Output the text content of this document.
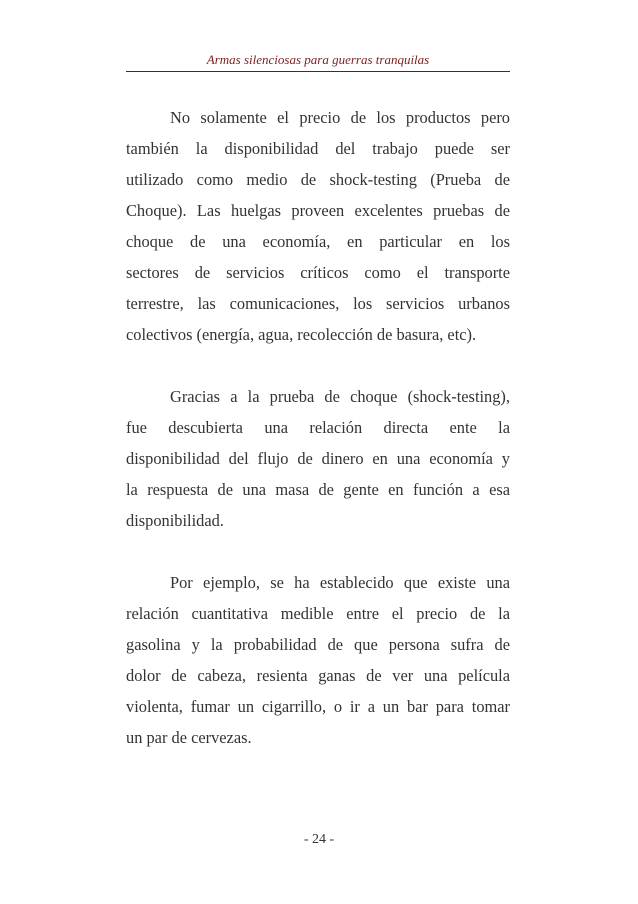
Armas silenciosas para guerras tranquilas
No solamente el precio de los productos pero
también la disponibilidad del trabajo puede ser
utilizado como medio de shock-testing (Prueba de
Choque). Las huelgas proveen excelentes pruebas de
choque de una economía, en particular en los
sectores de servicios críticos como el transporte
terrestre, las comunicaciones, los servicios urbanos
colectivos (energía, agua, recolección de basura, etc).
Gracias a la prueba de choque (shock-testing),
fue descubierta una relación directa ente la
disponibilidad del flujo de dinero en una economía y
la respuesta de una masa de gente en función a esa
disponibilidad.
Por ejemplo, se ha establecido que existe una
relación cuantitativa medible entre el precio de la
gasolina y la probabilidad de que persona sufra de
dolor de cabeza, resienta ganas de ver una película
violenta, fumar un cigarrillo, o ir a un bar para tomar
un par de cervezas.
- 24 -
